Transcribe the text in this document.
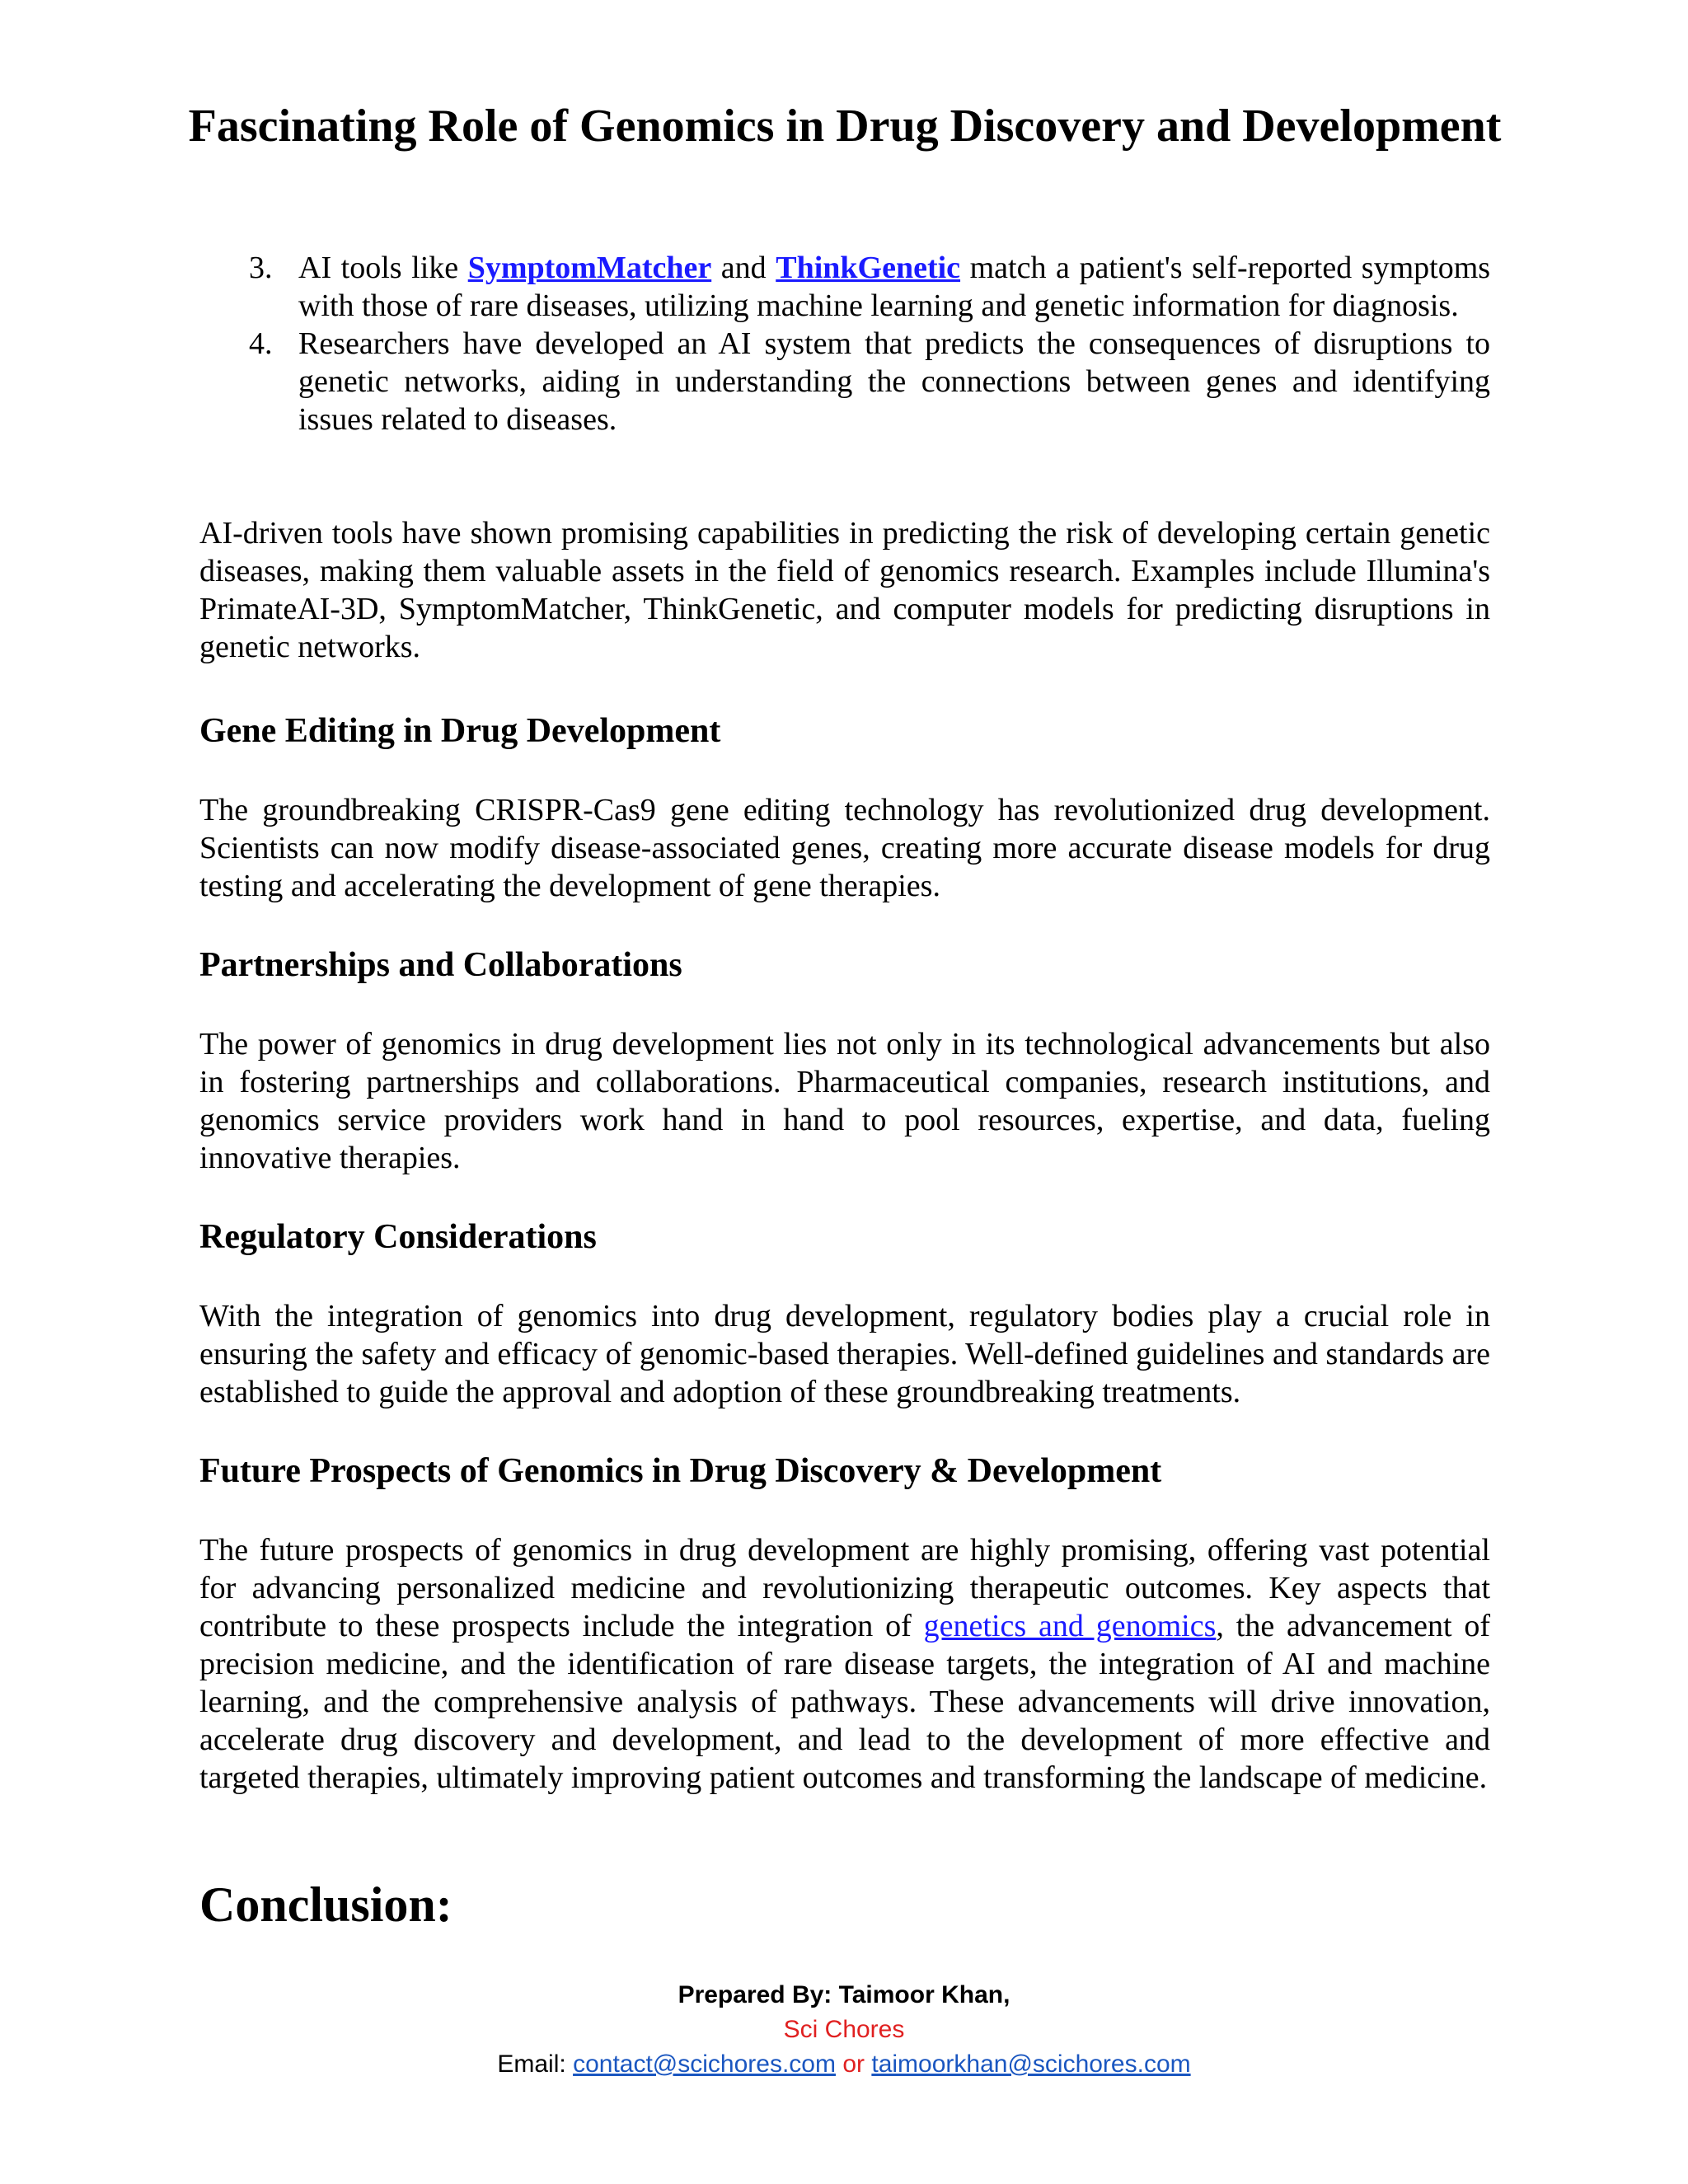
Fascinating Role of Genomics in Drug Discovery and Development
3. AI tools like SymptomMatcher and ThinkGenetic match a patient's self-reported symptoms with those of rare diseases, utilizing machine learning and genetic information for diagnosis.
4. Researchers have developed an AI system that predicts the consequences of disruptions to genetic networks, aiding in understanding the connections between genes and identifying issues related to diseases.

AI-driven tools have shown promising capabilities in predicting the risk of developing certain genetic diseases, making them valuable assets in the field of genomics research. Examples include Illumina's PrimateAI-3D, SymptomMatcher, ThinkGenetic, and computer models for predicting disruptions in genetic networks.

Gene Editing in Drug Development

The groundbreaking CRISPR-Cas9 gene editing technology has revolutionized drug development. Scientists can now modify disease-associated genes, creating more accurate disease models for drug testing and accelerating the development of gene therapies.

Partnerships and Collaborations

The power of genomics in drug development lies not only in its technological advancements but also in fostering partnerships and collaborations. Pharmaceutical companies, research institutions, and genomics service providers work hand in hand to pool resources, expertise, and data, fueling innovative therapies.

Regulatory Considerations

With the integration of genomics into drug development, regulatory bodies play a crucial role in ensuring the safety and efficacy of genomic-based therapies. Well-defined guidelines and standards are established to guide the approval and adoption of these groundbreaking treatments.

Future Prospects of Genomics in Drug Discovery & Development

The future prospects of genomics in drug development are highly promising, offering vast potential for advancing personalized medicine and revolutionizing therapeutic outcomes. Key aspects that contribute to these prospects include the integration of genetics and genomics, the advancement of precision medicine, and the identification of rare disease targets, the integration of AI and machine learning, and the comprehensive analysis of pathways. These advancements will drive innovation, accelerate drug discovery and development, and lead to the development of more effective and targeted therapies, ultimately improving patient outcomes and transforming the landscape of medicine.

Conclusion:
Prepared By: Taimoor Khan,
Sci Chores
Email: contact@scichores.com or taimoorkhan@scichores.com
